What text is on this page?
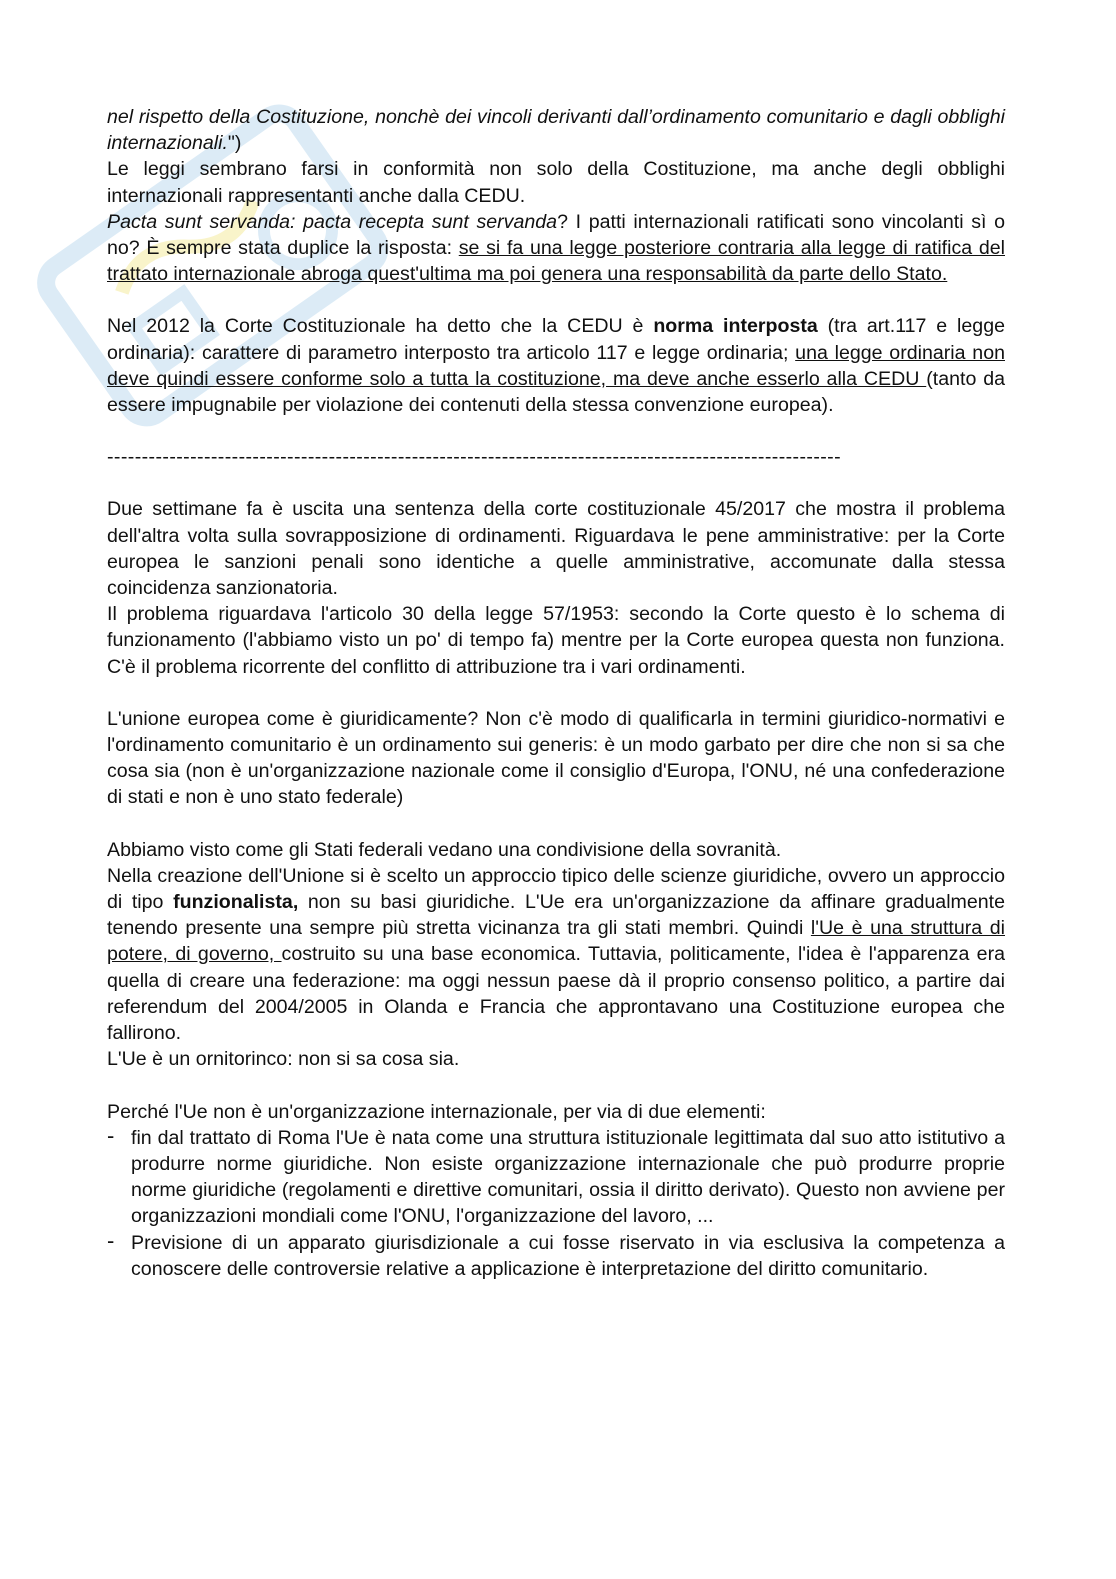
nel rispetto della Costituzione, nonchè dei vincoli derivanti dall’ordinamento comunitario e dagli obblighi internazionali.")

Le leggi sembrano farsi in conformità non solo della Costituzione, ma anche degli obblighi internazionali rappresentanti anche dalla CEDU.

Pacta sunt servanda: pacta recepta sunt servanda? I patti internazionali ratificati sono vincolanti sì o no? È sempre stata duplice la risposta: se si fa una legge posteriore contraria alla legge di ratifica del trattato internazionale abroga quest'ultima ma poi genera una responsabilità da parte dello Stato.

Nel 2012 la Corte Costituzionale ha detto che la CEDU è norma interposta (tra art.117 e legge ordinaria): carattere di parametro interposto tra articolo 117 e legge ordinaria; una legge ordinaria non deve quindi essere conforme solo a tutta la costituzione, ma deve anche esserlo alla CEDU (tanto da essere impugnabile per violazione dei contenuti della stessa convenzione europea).

----------------------------------------------------------------------------------------------------------

Due settimane fa è uscita una sentenza della corte costituzionale 45/2017 che mostra il problema dell'altra volta sulla sovrapposizione di ordinamenti. Riguardava le pene amministrative: per la Corte europea le sanzioni penali sono identiche a quelle amministrative, accomunate dalla stessa coincidenza sanzionatoria.

Il problema riguardava l'articolo 30 della legge 57/1953: secondo la Corte questo è lo schema di funzionamento (l'abbiamo visto un po' di tempo fa) mentre per la Corte europea questa non funziona. C'è il problema ricorrente del conflitto di attribuzione tra i vari ordinamenti.

L'unione europea come è giuridicamente? Non c'è modo di qualificarla in termini giuridico-normativi e l'ordinamento comunitario è un ordinamento sui generis: è un modo garbato per dire che non si sa che cosa sia (non è un'organizzazione nazionale come il consiglio d'Europa, l'ONU, né una confederazione di stati e non è uno stato federale)

Abbiamo visto come gli Stati federali vedano una condivisione della sovranità.

Nella creazione dell'Unione si è scelto un approccio tipico delle scienze giuridiche, ovvero un approccio di tipo funzionalista, non su basi giuridiche. L'Ue era un'organizzazione da affinare gradualmente tenendo presente una sempre più stretta vicinanza tra gli stati membri. Quindi l'Ue è una struttura di potere, di governo, costruito su una base economica. Tuttavia, politicamente, l'idea è l'apparenza era quella di creare una federazione: ma oggi nessun paese dà il proprio consenso politico, a partire dai referendum del 2004/2005 in Olanda e Francia che approntavano una Costituzione europea che fallirono.

L'Ue è un ornitorinco: non si sa cosa sia.

Perché l'Ue non è un'organizzazione internazionale, per via di due elementi:

- fin dal trattato di Roma l'Ue è nata come una struttura istituzionale legittimata dal suo atto istitutivo a produrre norme giuridiche. Non esiste organizzazione internazionale che può produrre proprie norme giuridiche (regolamenti e direttive comunitari, ossia il diritto derivato). Questo non avviene per organizzazioni mondiali come l'ONU, l'organizzazione del lavoro, ...
- Previsione di un apparato giurisdizionale a cui fosse riservato in via esclusiva la competenza a conoscere delle controversie relative a applicazione è interpretazione del diritto comunitario.
